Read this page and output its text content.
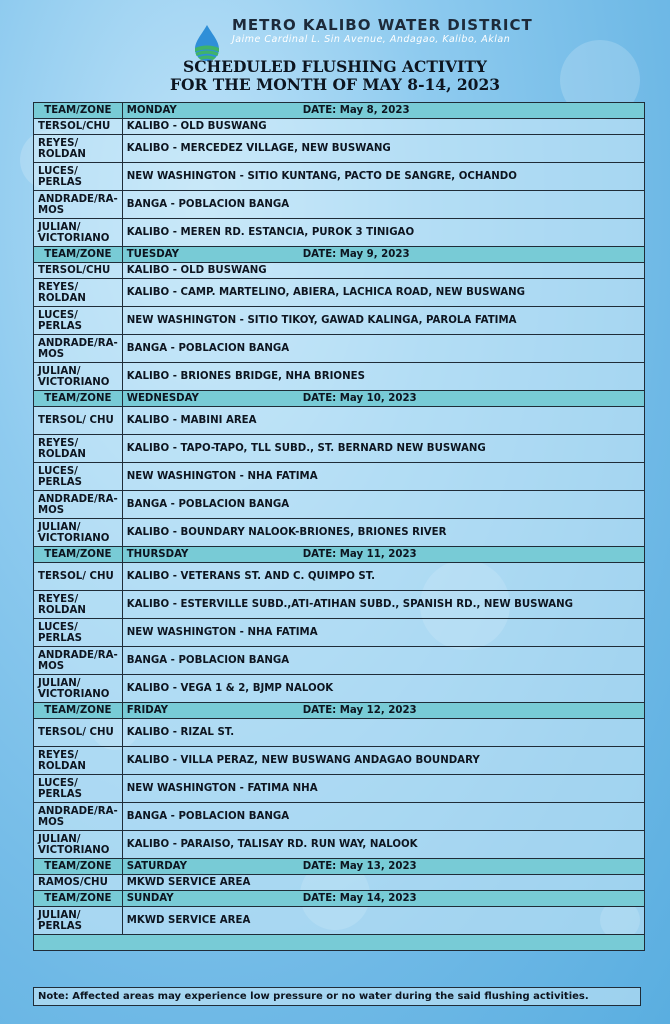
METRO KALIBO WATER DISTRICT
Jaime Cardinal L. Sin Avenue, Andagao, Kalibo, Aklan
SCHEDULED FLUSHING ACTIVITY
FOR THE MONTH OF MAY 8-14, 2023
TEAM/ZONE	MONDAY DATE: May 8, 2023
TERSOL/CHU	KALIBO - OLD BUSWANG
REYES/ ROLDAN	KALIBO - MERCEDEZ VILLAGE, NEW BUSWANG
LUCES/ PERLAS	NEW WASHINGTON - SITIO KUNTANG, PACTO DE SANGRE, OCHANDO
ANDRADE/RA- MOS	BANGA - POBLACION BANGA
JULIAN/ VICTORIANO	KALIBO - MEREN RD. ESTANCIA, PUROK 3 TINIGAO
TEAM/ZONE	TUESDAY DATE: May 9, 2023
TERSOL/CHU	KALIBO - OLD BUSWANG
REYES/ ROLDAN	KALIBO - CAMP. MARTELINO, ABIERA, LACHICA ROAD, NEW BUSWANG
LUCES/ PERLAS	NEW WASHINGTON - SITIO TIKOY, GAWAD KALINGA, PAROLA FATIMA
ANDRADE/RA- MOS	BANGA - POBLACION BANGA
JULIAN/ VICTORIANO	KALIBO - BRIONES BRIDGE, NHA BRIONES
TEAM/ZONE	WEDNESDAY DATE: May 10, 2023
TERSOL/ CHU	KALIBO - MABINI AREA
REYES/ ROLDAN	KALIBO - TAPO-TAPO, TLL SUBD., ST. BERNARD NEW BUSWANG
LUCES/ PERLAS	NEW WASHINGTON - NHA FATIMA
ANDRADE/RA- MOS	BANGA - POBLACION BANGA
JULIAN/ VICTORIANO	KALIBO - BOUNDARY NALOOK-BRIONES, BRIONES RIVER
TEAM/ZONE	THURSDAY DATE: May 11, 2023
TERSOL/ CHU	KALIBO - VETERANS ST. AND C. QUIMPO ST.
REYES/ ROLDAN	KALIBO - ESTERVILLE SUBD.,ATI-ATIHAN SUBD., SPANISH RD., NEW BUSWANG
LUCES/ PERLAS	NEW WASHINGTON - NHA FATIMA
ANDRADE/RA- MOS	BANGA - POBLACION BANGA
JULIAN/ VICTORIANO	KALIBO - VEGA 1 & 2, BJMP NALOOK
TEAM/ZONE	FRIDAY DATE: May 12, 2023
TERSOL/ CHU	KALIBO - RIZAL ST.
REYES/ ROLDAN	KALIBO - VILLA PERAZ, NEW BUSWANG ANDAGAO BOUNDARY
LUCES/ PERLAS	NEW WASHINGTON - FATIMA NHA
ANDRADE/RA- MOS	BANGA - POBLACION BANGA
JULIAN/ VICTORIANO	KALIBO - PARAISO, TALISAY RD. RUN WAY, NALOOK
TEAM/ZONE	SATURDAY DATE: May 13, 2023
RAMOS/CHU	MKWD SERVICE AREA
TEAM/ZONE	SUNDAY DATE: May 14, 2023
JULIAN/ PERLAS	MKWD SERVICE AREA

Note: Affected areas may experience low pressure or no water during the said flushing activities.
